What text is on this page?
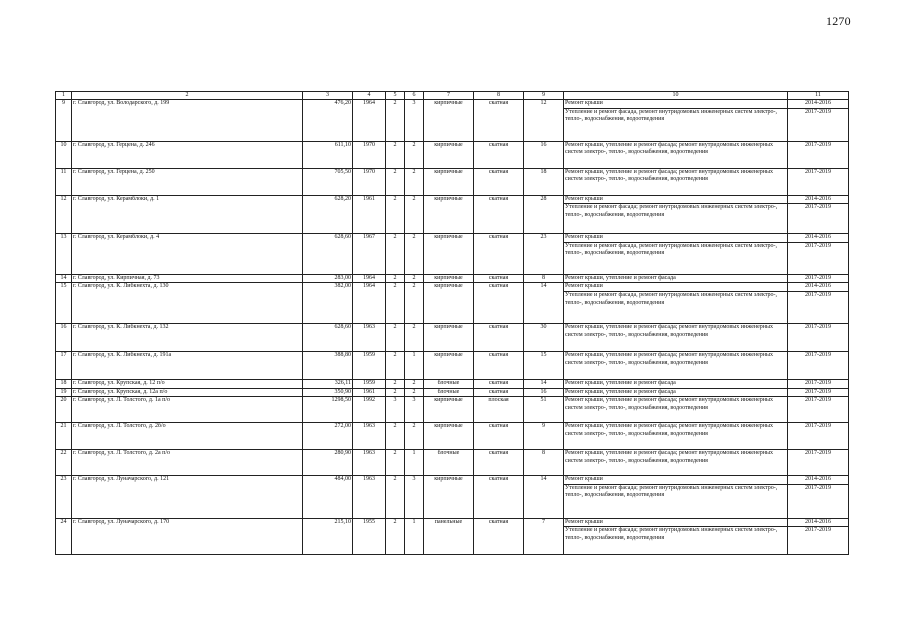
1270
1	2	3	4	5	6	7	8	9	10	11
9	г. Славгород, ул. Володарского, д. 199	476,20	1964	2	3	кирпичные	скатная	12	Ремонт крыши	2014-2016
									Утепление и ремонт фасада, ремонт внутридомовых инженерных систем электро-, тепло-, водоснабжения, водоотведения	2017-2019
10	г. Славгород, ул. Герцена, д. 246	611,10	1970	2	2	кирпичные	скатная	16	Ремонт крыши, утепление и ремонт фасада; ремонт внутридомовых инженерных систем электро-, тепло-, водоснабжения, водоотведения	2017-2019
11	г. Славгород, ул. Герцена, д. 250	705,50	1970	2	2	кирпичные	скатная	18	Ремонт крыши, утепление и ремонт фасада; ремонт внутридомовых инженерных систем электро-, тепло-, водоснабжения, водоотведения	2017-2019
12	г. Славгород, ул. Керамблоки, д. 1	628,20	1961	2	2	кирпичные	скатная	28	Ремонт крыши	2014-2016
									Утепление и ремонт фасада; ремонт внутридомовых инженерных систем электро-, тепло-, водоснабжения, водоотведения	2017-2019
13	г. Славгород, ул. Керамблоки, д. 4	628,60	1967	2	2	кирпичные	скатная	23	Ремонт крыши	2014-2016
									Утепление и ремонт фасада, ремонт внутридомовых инженерных систем электро-, тепло-, водоснабжения, водоотведения	2017-2019
14	г. Славгород, ул. Кирпичная, д. 73	283,00	1964	2	2	кирпичные	скатная	8	Ремонт крыши, утепление и ремонт фасада	2017-2019
15	г. Славгород, ул. К. Либкнехта, д. 130	382,00	1964	2	2	кирпичные	скатная	14	Ремонт крыши	2014-2016
									Утепление и ремонт фасада, ремонт внутридомовых инженерных систем электро-, тепло-, водоснабжения, водоотведения	2017-2019
16	г. Славгород, ул. К. Либкнехта, д. 132	628,60	1963	2	2	кирпичные	скатная	30	Ремонт крыши, утепление и ремонт фасада; ремонт внутридомовых инженерных систем электро-, тепло-, водоснабжения, водоотведения	2017-2019
17	г. Славгород, ул. К. Либкнехта, д. 191а	388,80	1959	2	1	кирпичные	скатная	15	Ремонт крыши, утепление и ремонт фасада; ремонт внутридомовых инженерных систем электро-, тепло-, водоснабжения, водоотведения	2017-2019
18	г. Славгород, ул. Крупская, д. 12 п/о	326,11	1959	2	2	блочные	скатная	14	Ремонт крыши, утепление и ремонт фасада	2017-2019
19	г. Славгород, ул. Крупская, д. 12а п/о	350,90	1961	2	2	блочные	скатная	16	Ремонт крыши, утепление и ремонт фасада	2017-2019
20	г. Славгород, ул. Л. Толстого, д. 1а п/о	1298,50	1992	3	3	кирпичные	плоская	51	Ремонт крыши, утепление и ремонт фасада; ремонт внутридомовых инженерных систем электро-, тепло-, водоснабжения, водоотведения	2017-2019
21	г. Славгород, ул. Л. Толстого, д. 2б/о	272,00	1963	2	2	кирпичные	скатная	9	Ремонт крыши, утепление и ремонт фасада; ремонт внутридомовых инженерных систем электро-, тепло-, водоснабжения, водоотведения	2017-2019
22	г. Славгород, ул. Л. Толстого, д. 2а п/о	280,90	1963	2	1	блочные	скатная	8	Ремонт крыши, утепление и ремонт фасада; ремонт внутридомовых инженерных систем электро-, тепло-, водоснабжения, водоотведения	2017-2019
23	г. Славгород, ул. Луначарского, д. 121	484,00	1963	2	3	кирпичные	скатная	14	Ремонт крыши	2014-2016
									Утепление и ремонт фасада; ремонт внутридомовых инженерных систем электро-, тепло-, водоснабжения, водоотведения	2017-2019
24	г. Славгород, ул. Луначарского, д. 170	215,10	1955	2	1	панельные	скатная	7	Ремонт крыши	2014-2016
									Утепление и ремонт фасада; ремонт внутридомовых инженерных систем электро-, тепло-, водоснабжения, водоотведения	2017-2019
